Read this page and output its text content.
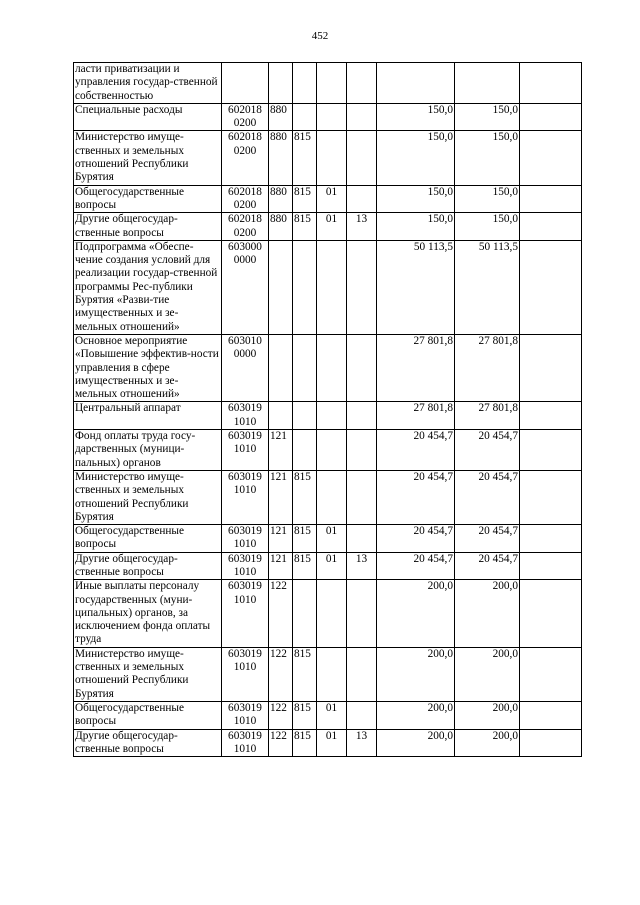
452
ласти приватизации и управления государ-ственной собственностью								
Специальные расходы	602018 0200	880				150,0	150,0	
Министерство имуще-ственных и земельных отношений Республики Бурятия	602018 0200	880	815			150,0	150,0	
Общегосударственные вопросы	602018 0200	880	815	01		150,0	150,0	
Другие общегосудар-ственные вопросы	602018 0200	880	815	01	13	150,0	150,0	
Подпрограмма «Обеспе-чение создания условий для реализации государ-ственной программы Рес-публики Бурятия «Разви-тие имущественных и зе-мельных отношений»	603000 0000					50 113,5	50 113,5	
Основное мероприятие «Повышение эффектив-ности управления в сфере имущественных и зе-мельных отношений»	603010 0000					27 801,8	27 801,8	
Центральный аппарат	603019 1010					27 801,8	27 801,8	
Фонд оплаты труда госу-дарственных (муници-пальных) органов	603019 1010	121				20 454,7	20 454,7	
Министерство имуще-ственных и земельных отношений Республики Бурятия	603019 1010	121	815			20 454,7	20 454,7	
Общегосударственные вопросы	603019 1010	121	815	01		20 454,7	20 454,7	
Другие общегосудар-ственные вопросы	603019 1010	121	815	01	13	20 454,7	20 454,7	
Иные выплаты персоналу государственных (муни-ципальных) органов, за исключением фонда оплаты труда	603019 1010	122				200,0	200,0	
Министерство имуще-ственных и земельных отношений Республики Бурятия	603019 1010	122	815			200,0	200,0	
Общегосударственные вопросы	603019 1010	122	815	01		200,0	200,0	
Другие общегосудар-ственные вопросы	603019 1010	122	815	01	13	200,0	200,0	
